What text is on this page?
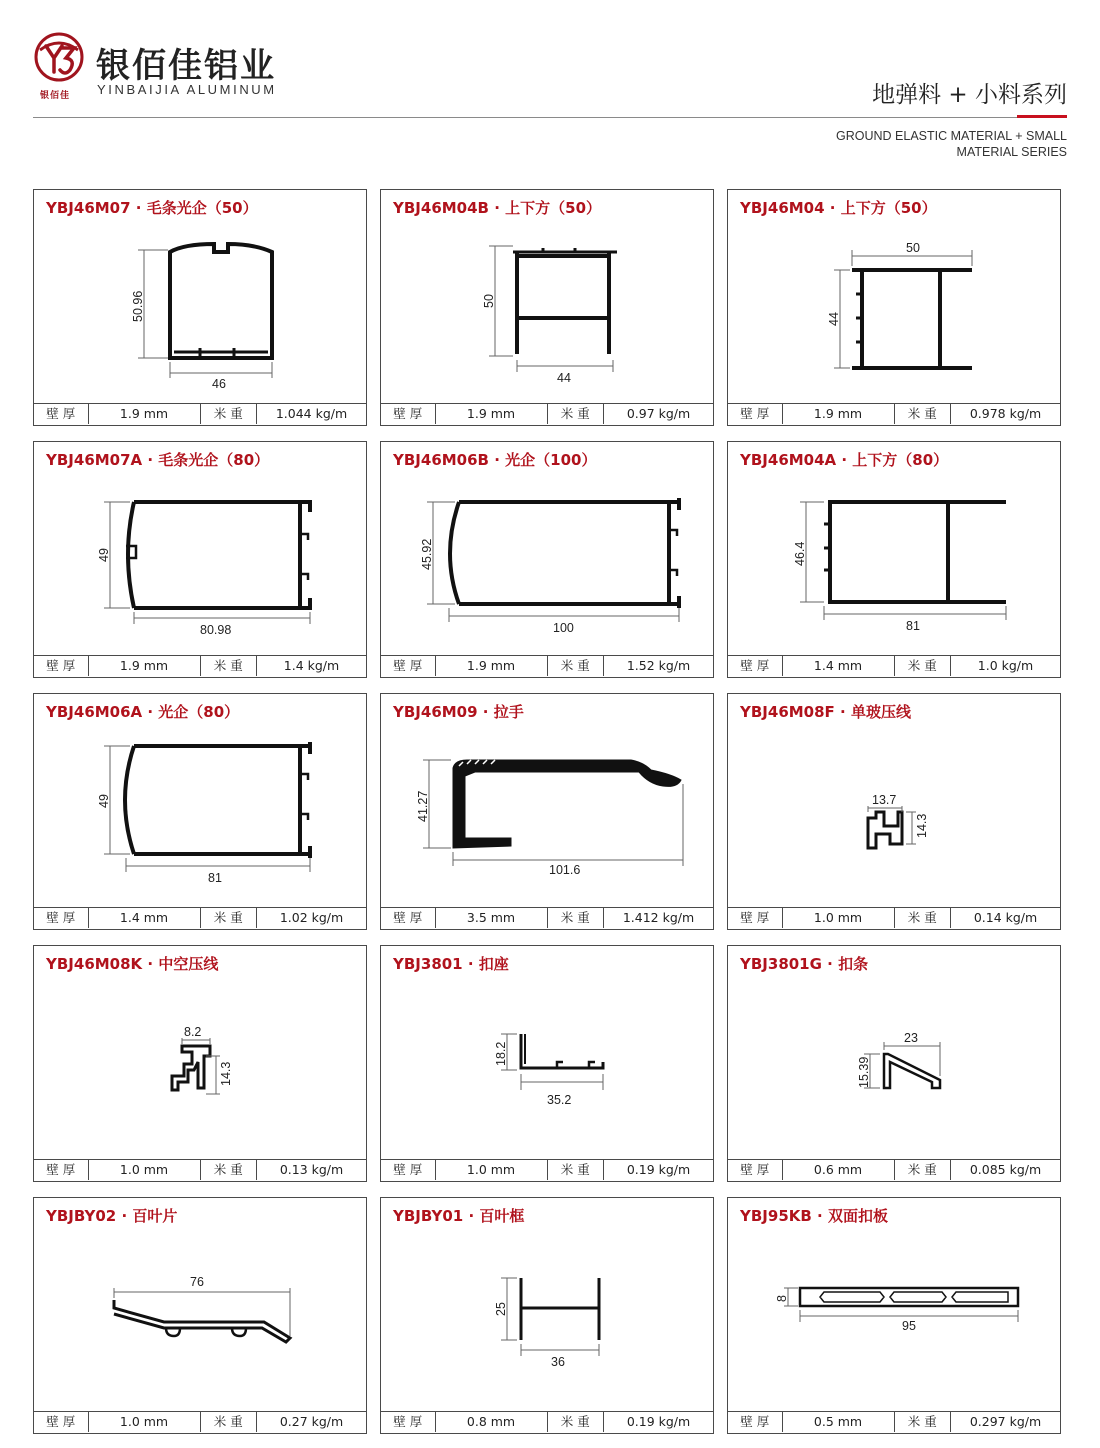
银佰佳
银佰佳铝业
YINBAIJIA ALUMINUM	地弹料 + 小料系列
GROUND ELASTIC MATERIAL + SMALL
MATERIAL SERIES
YBJ46M07 · 毛条光企（50）
50.96
46
壁 厚	1.9 mm	米 重	1.044 kg/m
YBJ46M04B · 上下方（50）
50
44
壁 厚	1.9 mm	米 重	0.97 kg/m
YBJ46M04 · 上下方（50）
44
50
壁 厚	1.9 mm	米 重	0.978 kg/m
YBJ46M07A · 毛条光企（80）
49
80.98
壁 厚	1.9 mm	米 重	1.4 kg/m
YBJ46M06B · 光企（100）
45.92
100
壁 厚	1.9 mm	米 重	1.52 kg/m
YBJ46M04A · 上下方（80）
46.4
81
壁 厚	1.4 mm	米 重	1.0 kg/m
YBJ46M06A · 光企（80）
49
81
壁 厚	1.4 mm	米 重	1.02 kg/m
YBJ46M09 · 拉手
41.27
101.6
壁 厚	3.5 mm	米 重	1.412 kg/m
YBJ46M08F · 单玻压线
13.7
14.3
壁 厚	1.0 mm	米 重	0.14 kg/m
YBJ46M08K · 中空压线
8.2
14.3
壁 厚	1.0 mm	米 重	0.13 kg/m
YBJ3801 · 扣座
18.2
35.2
壁 厚	1.0 mm	米 重	0.19 kg/m
YBJ3801G · 扣条
23
15.39
壁 厚	0.6 mm	米 重	0.085 kg/m
YBJBY02 · 百叶片
76
壁 厚	1.0 mm	米 重	0.27 kg/m
YBJBY01 · 百叶框
25
36
壁 厚	0.8 mm	米 重	0.19 kg/m
YBJ95KB · 双面扣板
8
95
壁 厚	0.5 mm	米 重	0.297 kg/m
